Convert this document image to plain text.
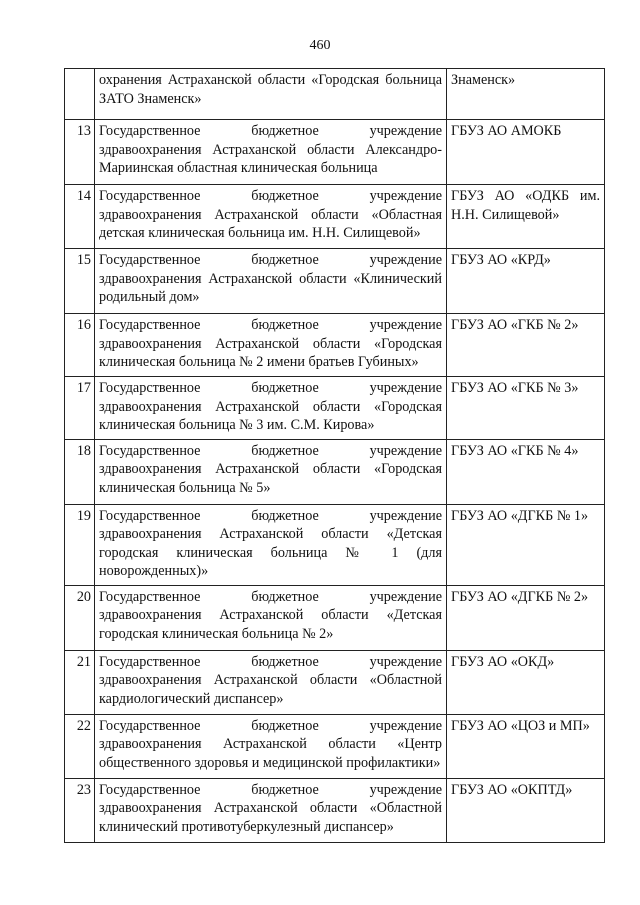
460
	охранения Астраханской области «Городская больница ЗАТО Знаменск»	Знаменск»
13	Государственное бюджетное учреждение здравоохранения Астраханской области Александро-Мариинская областная клиническая больница	ГБУЗ АО АМОКБ
14	Государственное бюджетное учреждение здравоохранения Астраханской области «Областная детская клиническая больница им. Н.Н. Силищевой»	ГБУЗ АО «ОДКБ им. Н.Н. Силищевой»
15	Государственное бюджетное учреждение здравоохранения Астраханской области «Клинический родильный дом»	ГБУЗ АО «КРД»
16	Государственное бюджетное учреждение здравоохранения Астраханской области «Городская клиническая больница № 2 имени братьев Губиных»	ГБУЗ АО «ГКБ № 2»
17	Государственное бюджетное учреждение здравоохранения Астраханской области «Городская клиническая больница № 3 им. С.М. Кирова»	ГБУЗ АО «ГКБ № 3»
18	Государственное бюджетное учреждение здравоохранения Астраханской области «Городская клиническая больница № 5»	ГБУЗ АО «ГКБ № 4»
19	Государственное бюджетное учреждение здравоохранения Астраханской области «Детская городская клиническая больница № 1 (для новорожденных)»	ГБУЗ АО «ДГКБ № 1»
20	Государственное бюджетное учреждение здравоохранения Астраханской области «Детская городская клиническая больница № 2»	ГБУЗ АО «ДГКБ № 2»
21	Государственное бюджетное учреждение здравоохранения Астраханской области «Областной кардиологический диспансер»	ГБУЗ АО «ОКД»
22	Государственное бюджетное учреждение здравоохранения Астраханской области «Центр общественного здоровья и медицинской профилактики»	ГБУЗ АО «ЦОЗ и МП»
23	Государственное бюджетное учреждение здравоохранения Астраханской области «Областной клинический противотуберкулезный диспансер»	ГБУЗ АО «ОКПТД»
